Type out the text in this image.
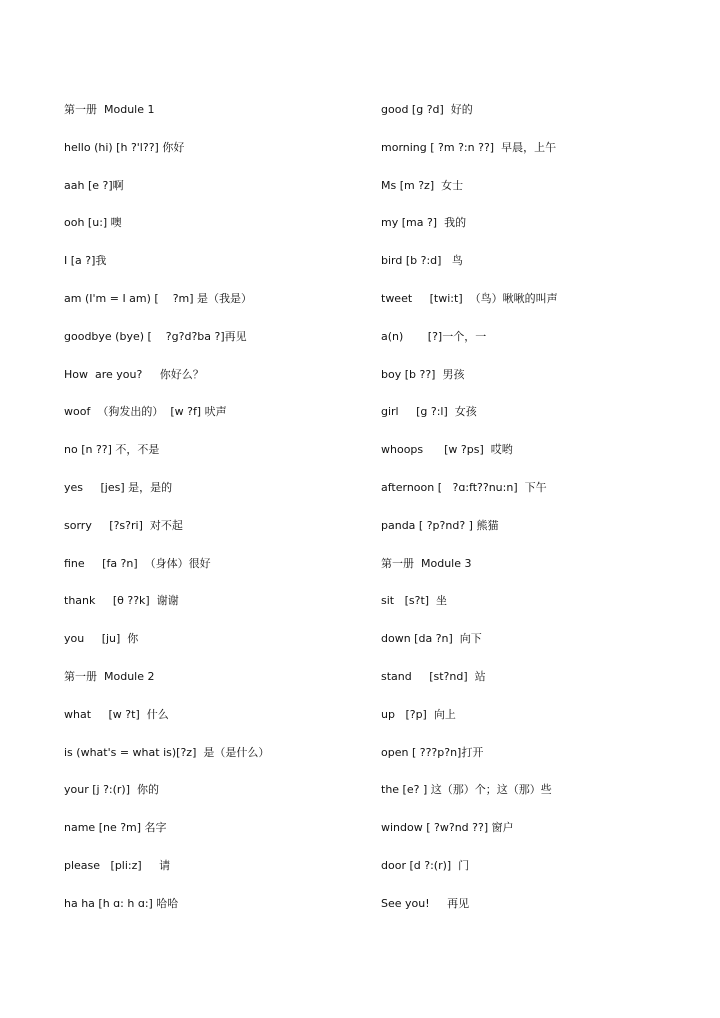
第一册  Module 1
hello (hi) [h ?'l??] 你好
aah [e ?]啊
ooh [u:] 噢
I [a ?]我
am (I'm = I am) [    ?m] 是（我是）
goodbye (bye) [    ?g?d?ba ?]再见
How  are you?     你好么？
woof  （狗发出的）  [w ?f] 吠声
no [n ??] 不，不是
yes     [jes] 是，是的
sorry     [?s?ri]  对不起
fine     [fa ?n]  （身体）很好
thank     [θ ??k]  谢谢
you     [ju]  你
第一册  Module 2
what     [w ?t]  什么
is (what's = what is)[?z]  是（是什么）
your [j ?:(r)]  你的
name [ne ?m] 名字
please   [pli:z]     请
ha ha [h ɑ: h ɑ:] 哈哈
good [g ?d]  好的
morning [ ?m ?:n ??]  早晨，上午
Ms [m ?z]  女士
my [ma ?]  我的
bird [b ?:d]   鸟
tweet     [twi:t]  （鸟）啾啾的叫声
a(n)       [?]一个，一
boy [b ??]  男孩
girl     [g ?:l]  女孩
whoops      [w ?ps]  哎哟
afternoon [   ?ɑ:ft??nu:n]  下午
panda [ ?p?nd? ] 熊猫
第一册  Module 3
sit   [s?t]  坐
down [da ?n]  向下
stand     [st?nd]  站
up   [?p]  向上
open [ ???p?n]打开
the [e? ] 这（那）个；这（那）些
window [ ?w?nd ??] 窗户
door [d ?:(r)]  门
See you!     再见
